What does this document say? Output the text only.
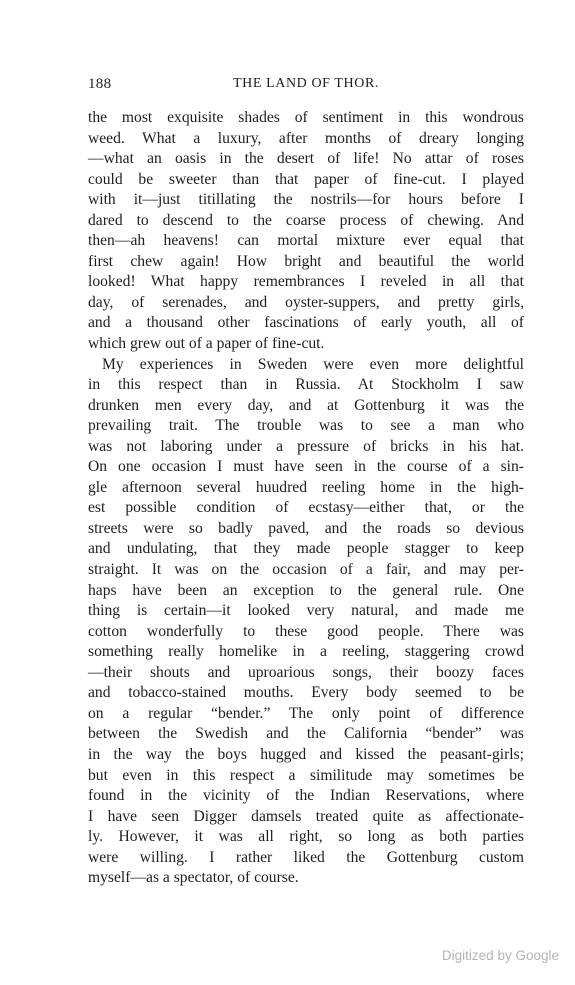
188	THE LAND OF THOR.
the most exquisite shades of sentiment in this wondrous
weed. What a luxury, after months of dreary longing
—what an oasis in the desert of life! No attar of roses
could be sweeter than that paper of fine-cut. I played
with it—just titillating the nostrils—for hours before I
dared to descend to the coarse process of chewing. And
then—ah heavens! can mortal mixture ever equal that
first chew again! How bright and beautiful the world
looked! What happy remembrances I reveled in all that
day, of serenades, and oyster-suppers, and pretty girls,
and a thousand other fascinations of early youth, all of
which grew out of a paper of fine-cut.
My experiences in Sweden were even more delightful
in this respect than in Russia. At Stockholm I saw
drunken men every day, and at Gottenburg it was the
prevailing trait. The trouble was to see a man who
was not laboring under a pressure of bricks in his hat.
On one occasion I must have seen in the course of a sin-
gle afternoon several huudred reeling home in the high-
est possible condition of ecstasy—either that, or the
streets were so badly paved, and the roads so devious
and undulating, that they made people stagger to keep
straight. It was on the occasion of a fair, and may per-
haps have been an exception to the general rule. One
thing is certain—it looked very natural, and made me
cotton wonderfully to these good people. There was
something really homelike in a reeling, staggering crowd
—their shouts and uproarious songs, their boozy faces
and tobacco-stained mouths. Every body seemed to be
on a regular “bender.” The only point of difference
between the Swedish and the California “bender” was
in the way the boys hugged and kissed the peasant-girls;
but even in this respect a similitude may sometimes be
found in the vicinity of the Indian Reservations, where
I have seen Digger damsels treated quite as affectionate-
ly. However, it was all right, so long as both parties
were willing. I rather liked the Gottenburg custom
myself—as a spectator, of course.
Digitized by Google
